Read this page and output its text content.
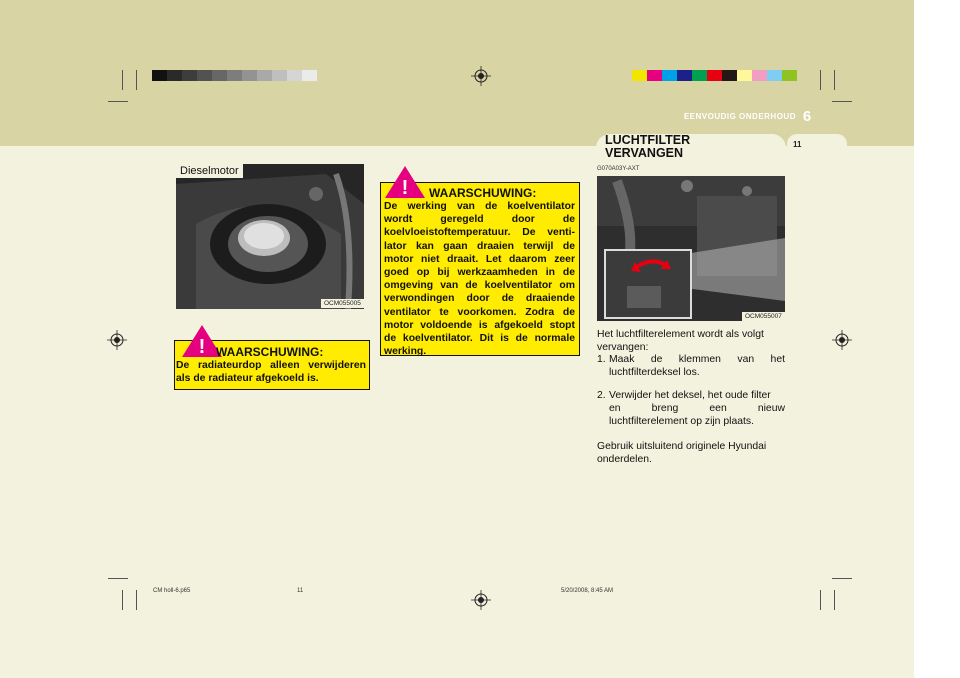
EENVOUDIG ONDERHOUD 6
11
Dieselmotor
OCM055005
! WAARSCHUWING:
De radiateurdop alleen verwijderen
als de radiateur afgekoeld is.
! WAARSCHUWING:
De werking van de koelventilator
wordt geregeld door de
koelvloeistoftemperatuur. De venti-
lator kan gaan draaien terwijl de
motor niet draait. Let daarom zeer
goed op bij werkzaamheden in de
omgeving van de koelventilator om
verwondingen door de draaiende
ventilator te voorkomen. Zodra de
motor voldoende is afgekoeld stopt
de koelventilator. Dit is de normale
werking.
LUCHTFILTER
VERVANGEN
G070A03Y-AXT
OCM055007
Het luchtfilterelement wordt als volgt
vervangen:
1. Maak de klemmen van het
luchtfilterdeksel los.
2. Verwijder het deksel, het oude filter
en breng een nieuw
luchtfilterelement op zijn plaats.
Gebruik uitsluitend originele Hyundai
onderdelen.
CM holl-6.p65	11	5/20/2008, 8:45 AM
